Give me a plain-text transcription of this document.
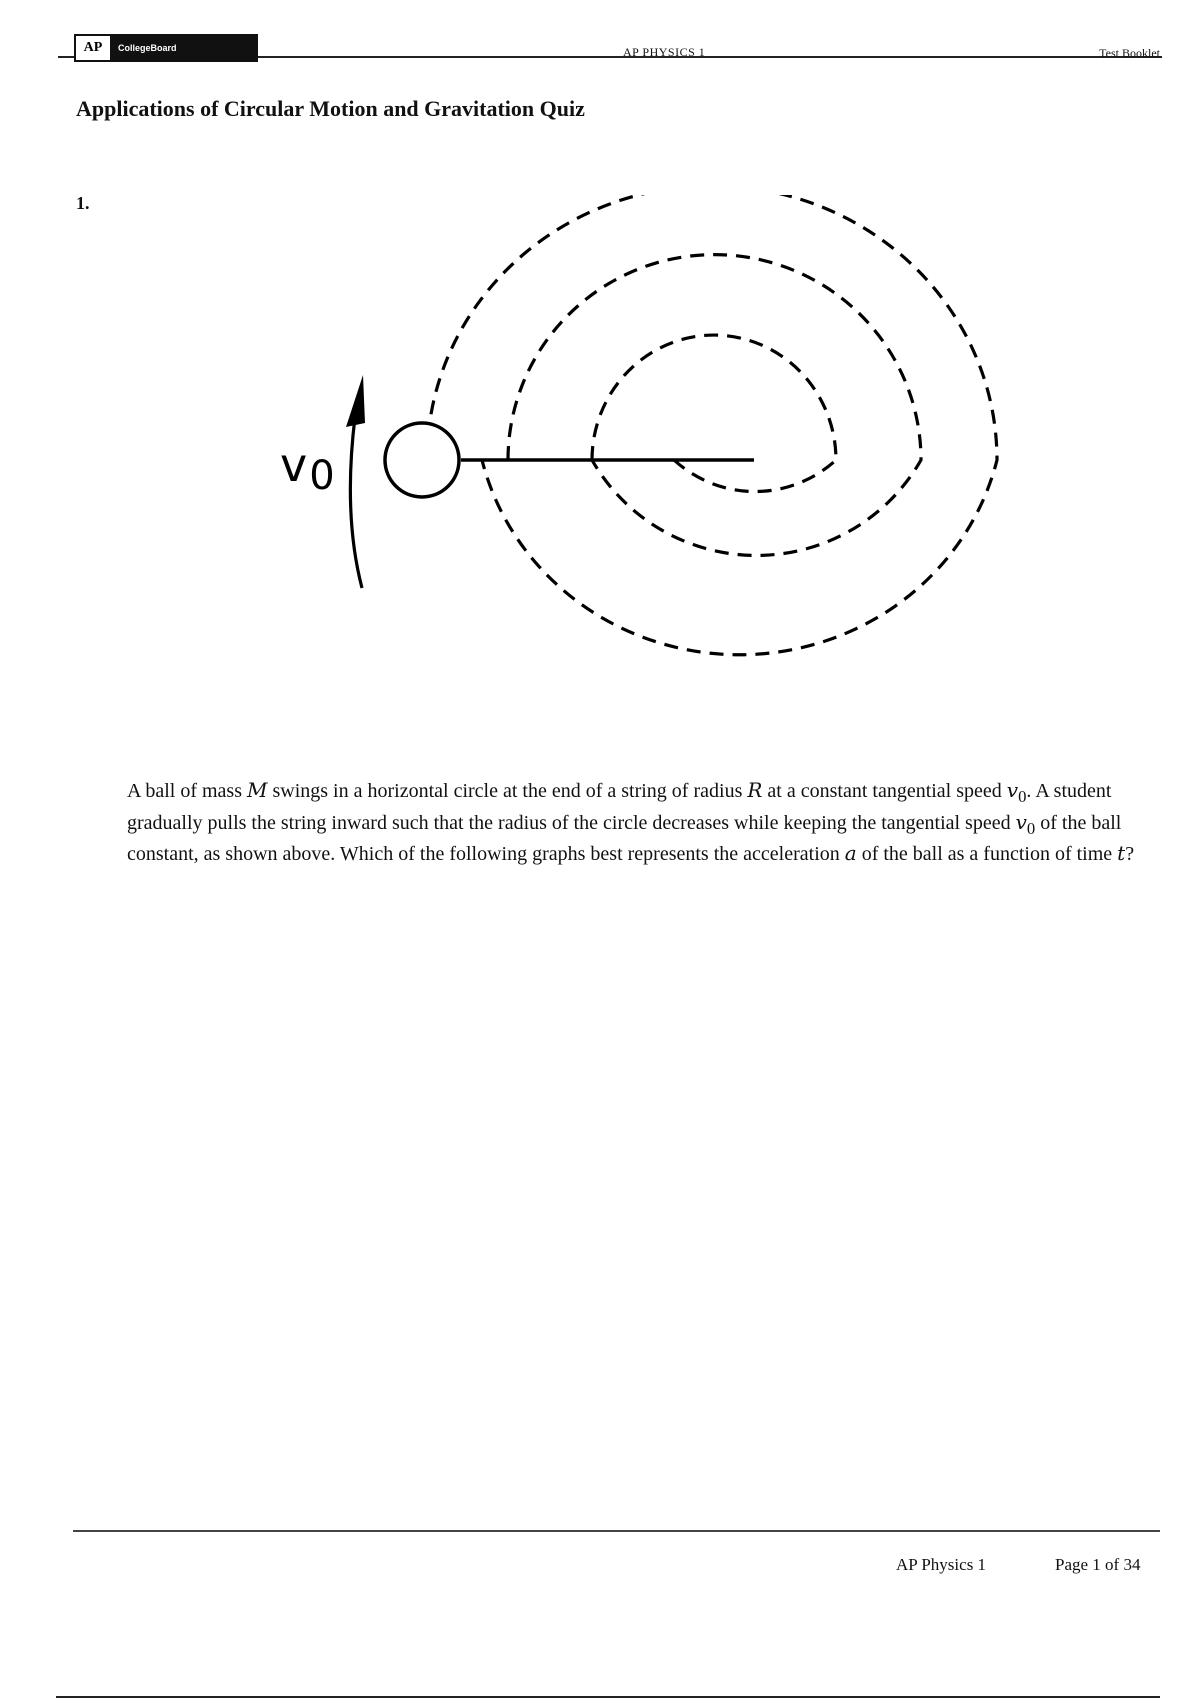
AP	CollegeBoard	AP PHYSICS 1	Test Booklet
Applications of Circular Motion and Gravitation Quiz
1.
v0

A ball of mass M swings in a horizontal circle at the end of a string of radius R at a constant tangential speed $v_0$. A student gradually pulls the string inward such that the radius of the circle decreases while keeping the tangential speed $v_0$ of the ball constant, as shown above. Which of the following graphs best represents the acceleration a of the ball as a function of time t?

AP Physics 1	Page 1 of 34
